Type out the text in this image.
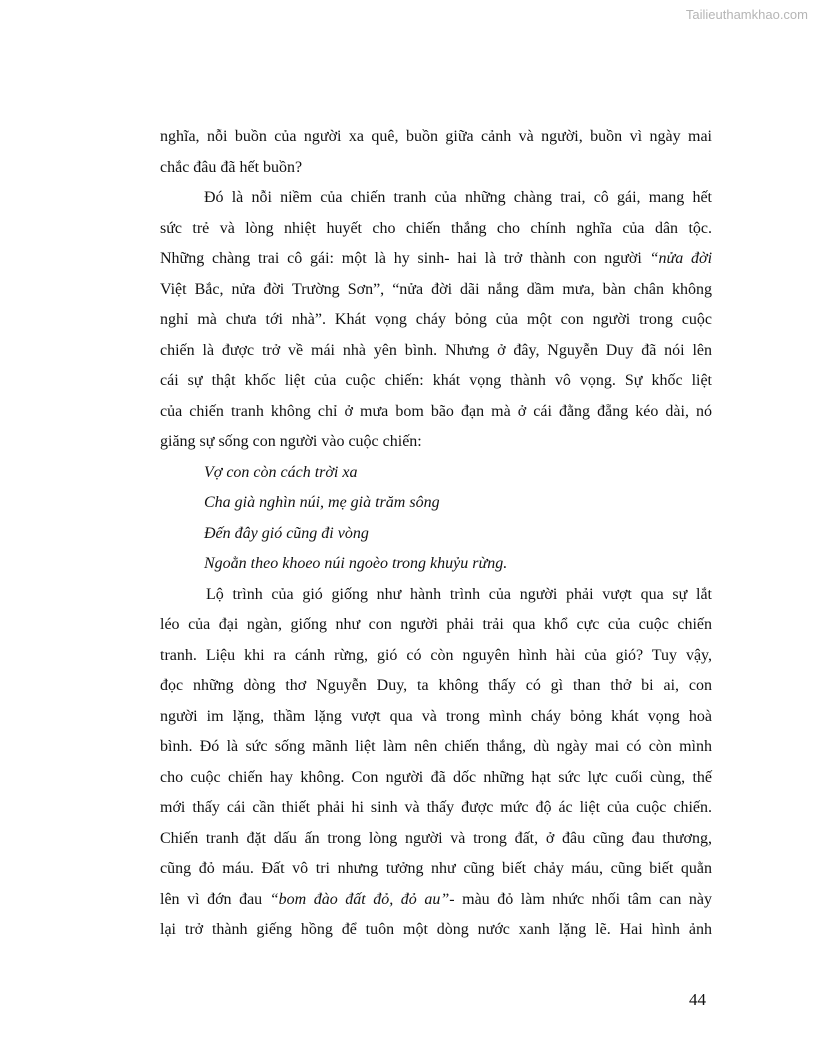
Tailieuthamkhao.com
nghĩa, nỗi buồn của người xa quê, buồn giữa cảnh và người, buồn vì ngày mai
chắc đâu đã hết buồn?
Đó là nỗi niềm của chiến tranh của những chàng trai, cô gái, mang hết
sức trẻ và lòng nhiệt huyết cho chiến thắng cho chính nghĩa của dân tộc.
Những chàng trai cô gái: một là hy sinh- hai là trở thành con người “nửa đời
Việt Bắc, nửa đời Trường Sơn”, “nửa đời dãi nắng dầm mưa, bàn chân không
nghỉ mà chưa tới nhà”. Khát vọng cháy bỏng của một con người trong cuộc
chiến là được trở về mái nhà yên bình. Nhưng ở đây, Nguyễn Duy đã nói lên
cái sự thật khốc liệt của cuộc chiến: khát vọng thành vô vọng. Sự khốc liệt
của chiến tranh không chỉ ở mưa bom bão đạn mà ở cái đằng đẵng kéo dài, nó
giăng sự sống con người vào cuộc chiến:
Vợ con còn cách trời xa
Cha già nghìn núi, mẹ già trăm sông
Đến đây gió cũng đi vòng
Ngoằn theo khoeo núi ngoèo trong khuỷu rừng.
Lộ trình của gió giống như hành trình của người phải vượt qua sự lắt
léo của đại ngàn, giống như con người phải trải qua khổ cực của cuộc chiến
tranh. Liệu khi ra cánh rừng, gió có còn nguyên hình hài của gió? Tuy vậy,
đọc những dòng thơ Nguyễn Duy, ta không thấy có gì than thở bi ai, con
người im lặng, thầm lặng vượt qua và trong mình cháy bỏng khát vọng hoà
bình. Đó là sức sống mãnh liệt làm nên chiến thắng, dù ngày mai có còn mình
cho cuộc chiến hay không. Con người đã dốc những hạt sức lực cuối cùng, thế
mới thấy cái cần thiết phải hi sinh và thấy được mức độ ác liệt của cuộc chiến.
Chiến tranh đặt dấu ấn trong lòng người và trong đất, ở đâu cũng đau thương,
cũng đỏ máu. Đất vô tri nhưng tưởng như cũng biết chảy máu, cũng biết quằn
lên vì đớn đau “bom đào đất đỏ, đỏ au”- màu đỏ làm nhức nhối tâm can này
lại trở thành giếng hồng để tuôn một dòng nước xanh lặng lẽ. Hai hình ảnh
44
